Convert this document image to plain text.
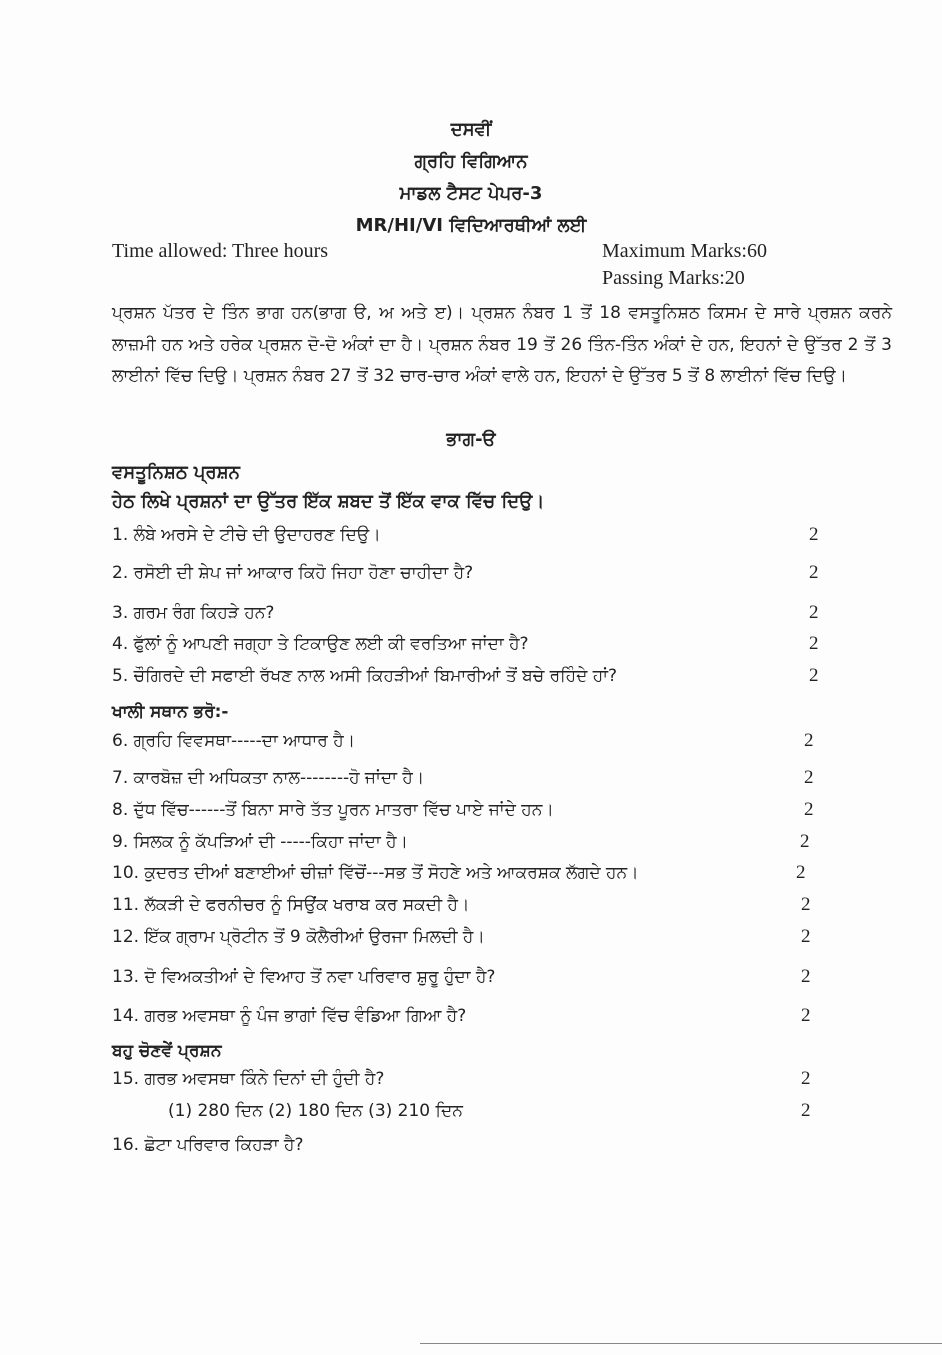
ਦਸਵੀਂ
ਗ੍ਰਹਿ ਵਿਗਿਆਨ
ਮਾਡਲ ਟੈਸਟ ਪੇਪਰ-3
MR/HI/VI ਵਿਦਿਆਰਥੀਆਂ ਲਈ
Time allowed: Three hours	Maximum Marks:60
Passing Marks:20
ਪ੍ਰਸ਼ਨ ਪੱਤਰ ਦੇ ਤਿੰਨ ਭਾਗ ਹਨ(ਭਾਗ ੳ, ਅ ਅਤੇ ੲ)। ਪ੍ਰਸ਼ਨ ਨੰਬਰ 1 ਤੋਂ 18 ਵਸਤੂਨਿਸ਼ਠ ਕਿਸਮ ਦੇ ਸਾਰੇ ਪ੍ਰਸ਼ਨ ਕਰਨੇ ਲਾਜ਼ਮੀ ਹਨ ਅਤੇ ਹਰੇਕ ਪ੍ਰਸ਼ਨ ਦੋ-ਦੋ ਅੰਕਾਂ ਦਾ ਹੈ। ਪ੍ਰਸ਼ਨ ਨੰਬਰ 19 ਤੋਂ 26 ਤਿੰਨ-ਤਿੰਨ ਅੰਕਾਂ ਦੇ ਹਨ, ਇਹਨਾਂ ਦੇ ਉੱਤਰ 2 ਤੋਂ 3 ਲਾਈਨਾਂ ਵਿੱਚ ਦਿਉ। ਪ੍ਰਸ਼ਨ ਨੰਬਰ 27 ਤੋਂ 32 ਚਾਰ-ਚਾਰ ਅੰਕਾਂ ਵਾਲੇ ਹਨ, ਇਹਨਾਂ ਦੇ ਉੱਤਰ 5 ਤੋਂ 8 ਲਾਈਨਾਂ ਵਿੱਚ ਦਿਉ।
ਭਾਗ-ੳ
ਵਸਤੂਨਿਸ਼ਠ ਪ੍ਰਸ਼ਨ
ਹੇਠ ਲਿਖੇ ਪ੍ਰਸ਼ਨਾਂ ਦਾ ਉੱਤਰ ਇੱਕ ਸ਼ਬਦ ਤੋਂ ਇੱਕ ਵਾਕ ਵਿੱਚ ਦਿਉ।
1. ਲੰਬੇ ਅਰਸੇ ਦੇ ਟੀਚੇ ਦੀ ਉਦਾਹਰਣ ਦਿਉ।	2
2. ਰਸੋਈ ਦੀ ਸ਼ੇਪ ਜਾਂ ਆਕਾਰ ਕਿਹੋ ਜਿਹਾ ਹੋਣਾ ਚਾਹੀਦਾ ਹੈ?	2
3. ਗਰਮ ਰੰਗ ਕਿਹੜੇ ਹਨ?	2
4. ਫੁੱਲਾਂ ਨੂੰ ਆਪਣੀ ਜਗ੍ਹਾ ਤੇ ਟਿਕਾਉਣ ਲਈ ਕੀ ਵਰਤਿਆ ਜਾਂਦਾ ਹੈ?	2
5. ਚੌਗਿਰਦੇ ਦੀ ਸਫਾਈ ਰੱਖਣ ਨਾਲ ਅਸੀ ਕਿਹੜੀਆਂ ਬਿਮਾਰੀਆਂ ਤੋਂ ਬਚੇ ਰਹਿੰਦੇ ਹਾਂ?	2
ਖਾਲੀ ਸਥਾਨ ਭਰੋ:-
6. ਗ੍ਰਹਿ ਵਿਵਸਥਾ-----ਦਾ ਆਧਾਰ ਹੈ।	2
7. ਕਾਰਬੋਜ਼ ਦੀ ਅਧਿਕਤਾ ਨਾਲ--------ਹੋ ਜਾਂਦਾ ਹੈ।	2
8. ਦੁੱਧ ਵਿੱਚ------ਤੋਂ ਬਿਨਾ ਸਾਰੇ ਤੱਤ ਪੂਰਨ ਮਾਤਰਾ ਵਿੱਚ ਪਾਏ ਜਾਂਦੇ ਹਨ।	2
9. ਸਿਲਕ ਨੂੰ ਕੱਪੜਿਆਂ ਦੀ -----ਕਿਹਾ ਜਾਂਦਾ ਹੈ।	2
10. ਕੁਦਰਤ ਦੀਆਂ ਬਣਾਈਆਂ ਚੀਜ਼ਾਂ ਵਿੱਚੋਂ---ਸਭ ਤੋਂ ਸੋਹਣੇ ਅਤੇ ਆਕਰਸ਼ਕ ਲੱਗਦੇ ਹਨ।	2
11. ਲੱਕੜੀ ਦੇ ਫਰਨੀਚਰ ਨੂੰ ਸਿਉਂਕ ਖਰਾਬ ਕਰ ਸਕਦੀ ਹੈ।	2
12. ਇੱਕ ਗ੍ਰਾਮ ਪ੍ਰੋਟੀਨ ਤੋਂ 9 ਕੋਲੈਰੀਆਂ ਉਰਜਾ ਮਿਲਦੀ ਹੈ।	2
13. ਦੋ ਵਿਅਕਤੀਆਂ ਦੇ ਵਿਆਹ ਤੋਂ ਨਵਾ ਪਰਿਵਾਰ ਸ਼ੁਰੂ ਹੁੰਦਾ ਹੈ?	2
14. ਗਰਭ ਅਵਸਥਾ ਨੂੰ ਪੰਜ ਭਾਗਾਂ ਵਿੱਚ ਵੰਡਿਆ ਗਿਆ ਹੈ?	2
ਬਹੁ ਚੋਣਵੇਂ ਪ੍ਰਸ਼ਨ
15. ਗਰਭ ਅਵਸਥਾ ਕਿੰਨੇ ਦਿਨਾਂ ਦੀ ਹੁੰਦੀ ਹੈ?	2
(1) 280 ਦਿਨ (2) 180 ਦਿਨ (3) 210 ਦਿਨ	2
16. ਛੋਟਾ ਪਰਿਵਾਰ ਕਿਹੜਾ ਹੈ?
